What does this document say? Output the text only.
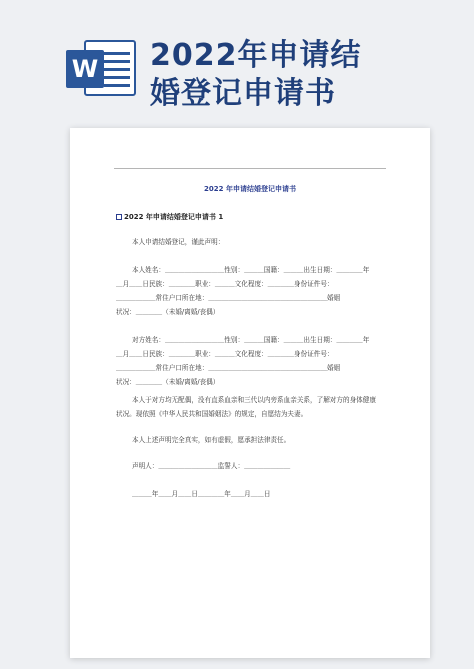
W 2022年申请结
婚登记申请书
2022 年申请结婚登记申请书
2022 年申请结婚登记申请书 1
本人申请结婚登记，谨此声明：
本人姓名：＿＿＿＿＿＿＿＿＿性别：＿＿＿国籍：＿＿＿出生日期：＿＿＿＿年
＿月＿＿日民族：＿＿＿＿职业：＿＿＿文化程度：＿＿＿＿身份证件号：
＿＿＿＿＿＿常住户口所在地：＿＿＿＿＿＿＿＿＿＿＿＿＿＿＿＿＿＿婚姻
状况：＿＿＿＿（未婚/离婚/丧偶）
对方姓名：＿＿＿＿＿＿＿＿＿性别：＿＿＿国籍：＿＿＿出生日期：＿＿＿＿年
＿月＿＿日民族：＿＿＿＿职业：＿＿＿文化程度：＿＿＿＿身份证件号：
＿＿＿＿＿＿常住户口所在地：＿＿＿＿＿＿＿＿＿＿＿＿＿＿＿＿＿＿婚姻
状况：＿＿＿＿（未婚/离婚/丧偶）
本人于对方均无配偶，没有直系血亲和三代以内旁系血亲关系，了解对方的身体健康
状况。现依照《中华人民共和国婚姻法》的规定，自愿结为夫妻。
本人上述声明完全真实，如有虚假，愿承担法律责任。
声明人：＿＿＿＿＿＿＿＿＿监誓人：＿＿＿＿＿＿＿
＿＿＿年＿＿月＿＿日＿＿＿＿年＿＿月＿＿日
